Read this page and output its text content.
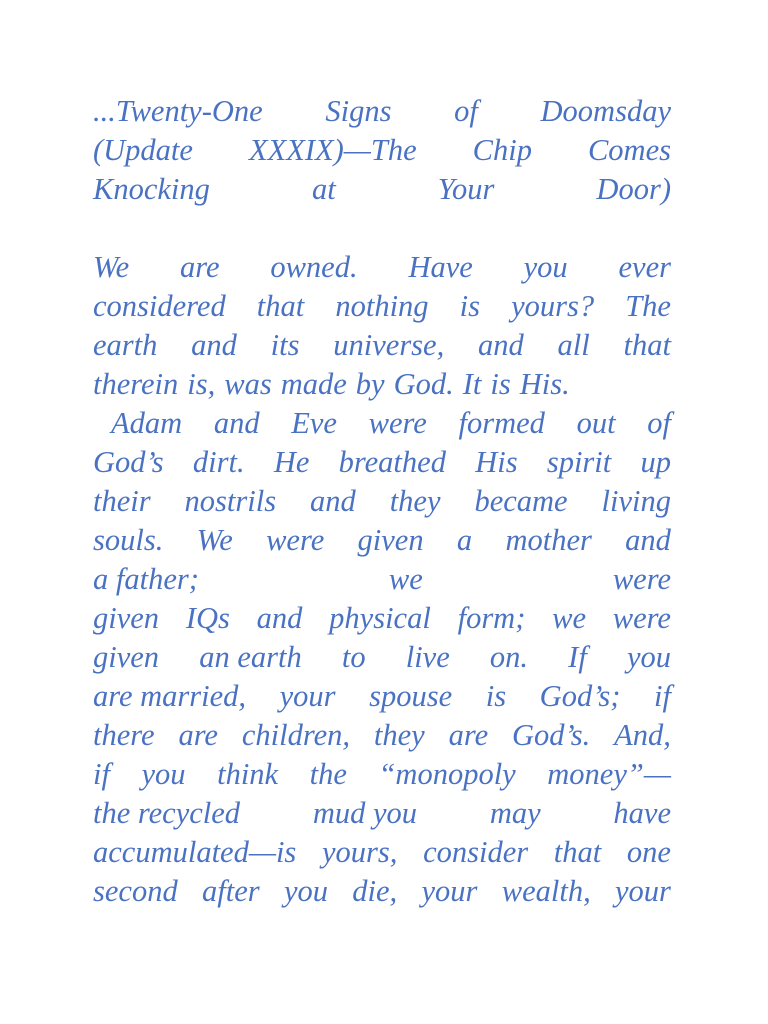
...Twenty-One Signs of Doomsday
(Update XXXIX)—The Chip Comes
Knocking	at	Your	Door)
We are owned. Have you ever
considered that nothing is yours? The
earth and its universe, and all that
therein is, was made by God. It is His.
Adam and Eve were formed out of
God’s dirt. He breathed His spirit up
their nostrils and they became living
souls. We were given a mother and
a father;	we	were
given IQs and physical form; we were
given an earth to live on. If you
are married, your spouse is God’s; if
there are children, they are God’s. And,
if you think the “monopoly money”—
the recycled mud you may have
accumulated—is yours, consider that one
second after you die, your wealth, your
